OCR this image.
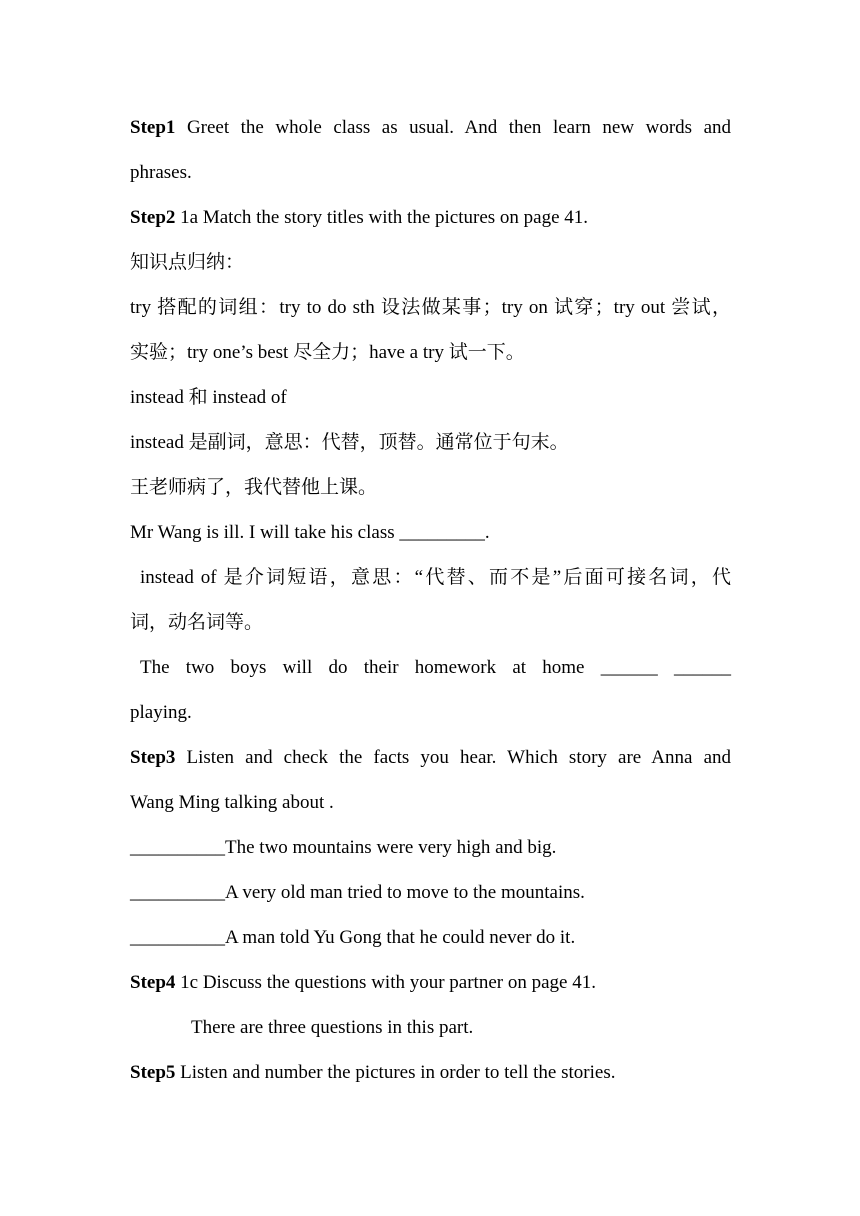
Step1 Greet the whole class as usual. And then learn new words and
phrases.
Step2 1a Match the story titles with the pictures on page 41.
知识点归纳：
try 搭配的词组：try to do sth 设法做某事；try on 试穿；try out 尝试，
实验；try one’s best 尽全力；have a try 试一下。
instead 和 instead of
instead 是副词，意思：代替，顶替。通常位于句末。
王老师病了，我代替他上课。
Mr Wang is ill. I will take his class _________.
instead of 是介词短语，意思：“代替、而不是”后面可接名词，代
词，动名词等。
The two boys will do their homework at home ______ ______
playing.
Step3 Listen and check the facts you hear. Which story are Anna and
Wang Ming talking about .
__________The two mountains were very high and big.
__________A very old man tried to move to the mountains.
__________A man told Yu Gong that he could never do it.
Step4 1c Discuss the questions with your partner on page 41.
There are three questions in this part.
Step5 Listen and number the pictures in order to tell the stories.
